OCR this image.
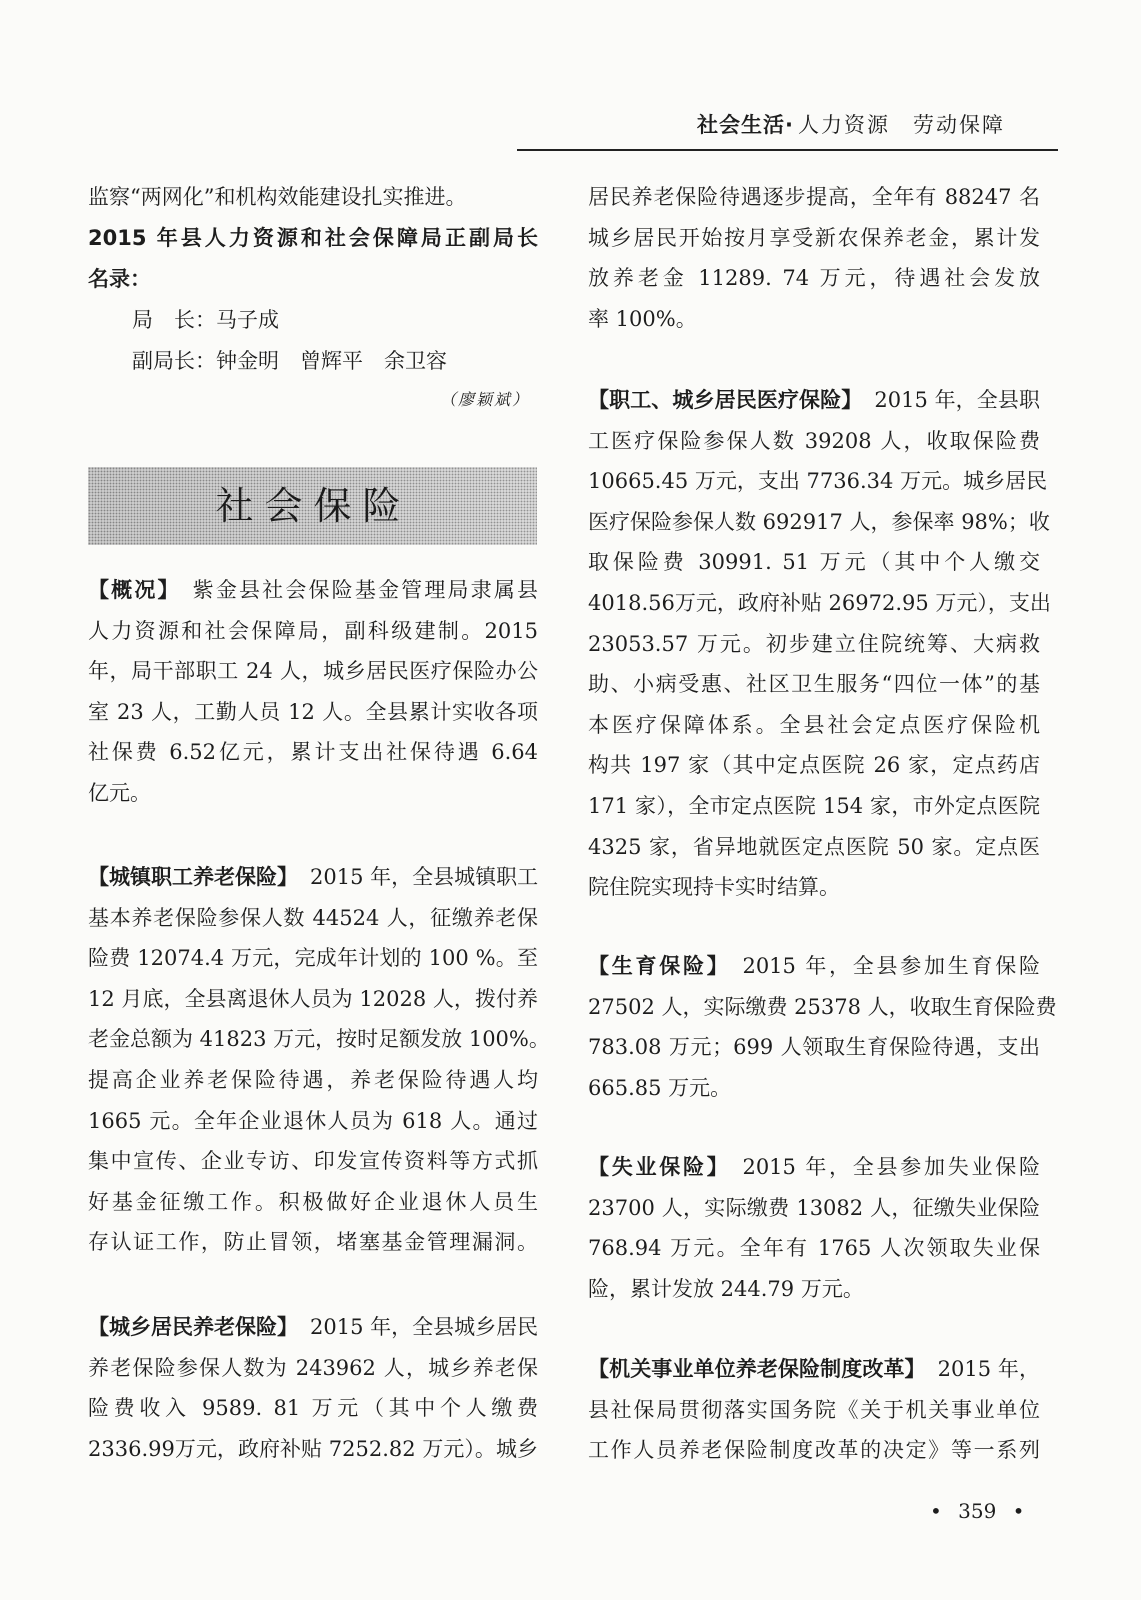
社会生活· 人力资源　劳动保障
监察“两网化”和机构效能建设扎实推进。
2015 年县人力资源和社会保障局正副局长
名录：
局　长：马子成
副局长：钟金明　曾辉平　余卫容
（廖颖斌）
社会保险
【概况】 紫金县社会保险基金管理局隶属县
人力资源和社会保障局，副科级建制。2015
年，局干部职工 24 人，城乡居民医疗保险办公
室 23 人，工勤人员 12 人。全县累计实收各项
社保费 6.52亿元，累计支出社保待遇 6.64
亿元。
【城镇职工养老保险】 2015 年，全县城镇职工
基本养老保险参保人数 44524 人，征缴养老保
险费 12074.4 万元，完成年计划的 100 %。至
12 月底，全县离退休人员为 12028 人，拨付养
老金总额为 41823 万元，按时足额发放 100%。
提高企业养老保险待遇，养老保险待遇人均
1665 元。全年企业退休人员为 618 人。通过
集中宣传、企业专访、印发宣传资料等方式抓
好基金征缴工作。积极做好企业退休人员生
存认证工作，防止冒领，堵塞基金管理漏洞。
【城乡居民养老保险】 2015 年，全县城乡居民
养老保险参保人数为 243962 人，城乡养老保
险费收入 9589. 81 万元（其中个人缴费
2336.99万元，政府补贴 7252.82 万元）。城乡
居民养老保险待遇逐步提高，全年有 88247 名
城乡居民开始按月享受新农保养老金，累计发
放养老金 11289. 74 万元，待遇社会发放
率 100%。
【职工、城乡居民医疗保险】 2015 年，全县职
工医疗保险参保人数 39208 人，收取保险费
10665.45 万元，支出 7736.34 万元。城乡居民
医疗保险参保人数 692917 人，参保率 98%；收
取保险费 30991. 51 万元（其中个人缴交
4018.56万元，政府补贴 26972.95 万元），支出
23053.57 万元。初步建立住院统筹、大病救
助、小病受惠、社区卫生服务“四位一体”的基
本医疗保障体系。全县社会定点医疗保险机
构共 197 家（其中定点医院 26 家，定点药店
171 家），全市定点医院 154 家，市外定点医院
4325 家，省异地就医定点医院 50 家。定点医
院住院实现持卡实时结算。
【生育保险】 2015 年，全县参加生育保险
27502 人，实际缴费 25378 人，收取生育保险费
783.08 万元；699 人领取生育保险待遇，支出
665.85 万元。
【失业保险】 2015 年，全县参加失业保险
23700 人，实际缴费 13082 人，征缴失业保险
768.94 万元。全年有 1765 人次领取失业保
险，累计发放 244.79 万元。
【机关事业单位养老保险制度改革】 2015 年，
县社保局贯彻落实国务院《关于机关事业单位
工作人员养老保险制度改革的决定》等一系列
• 359 •
